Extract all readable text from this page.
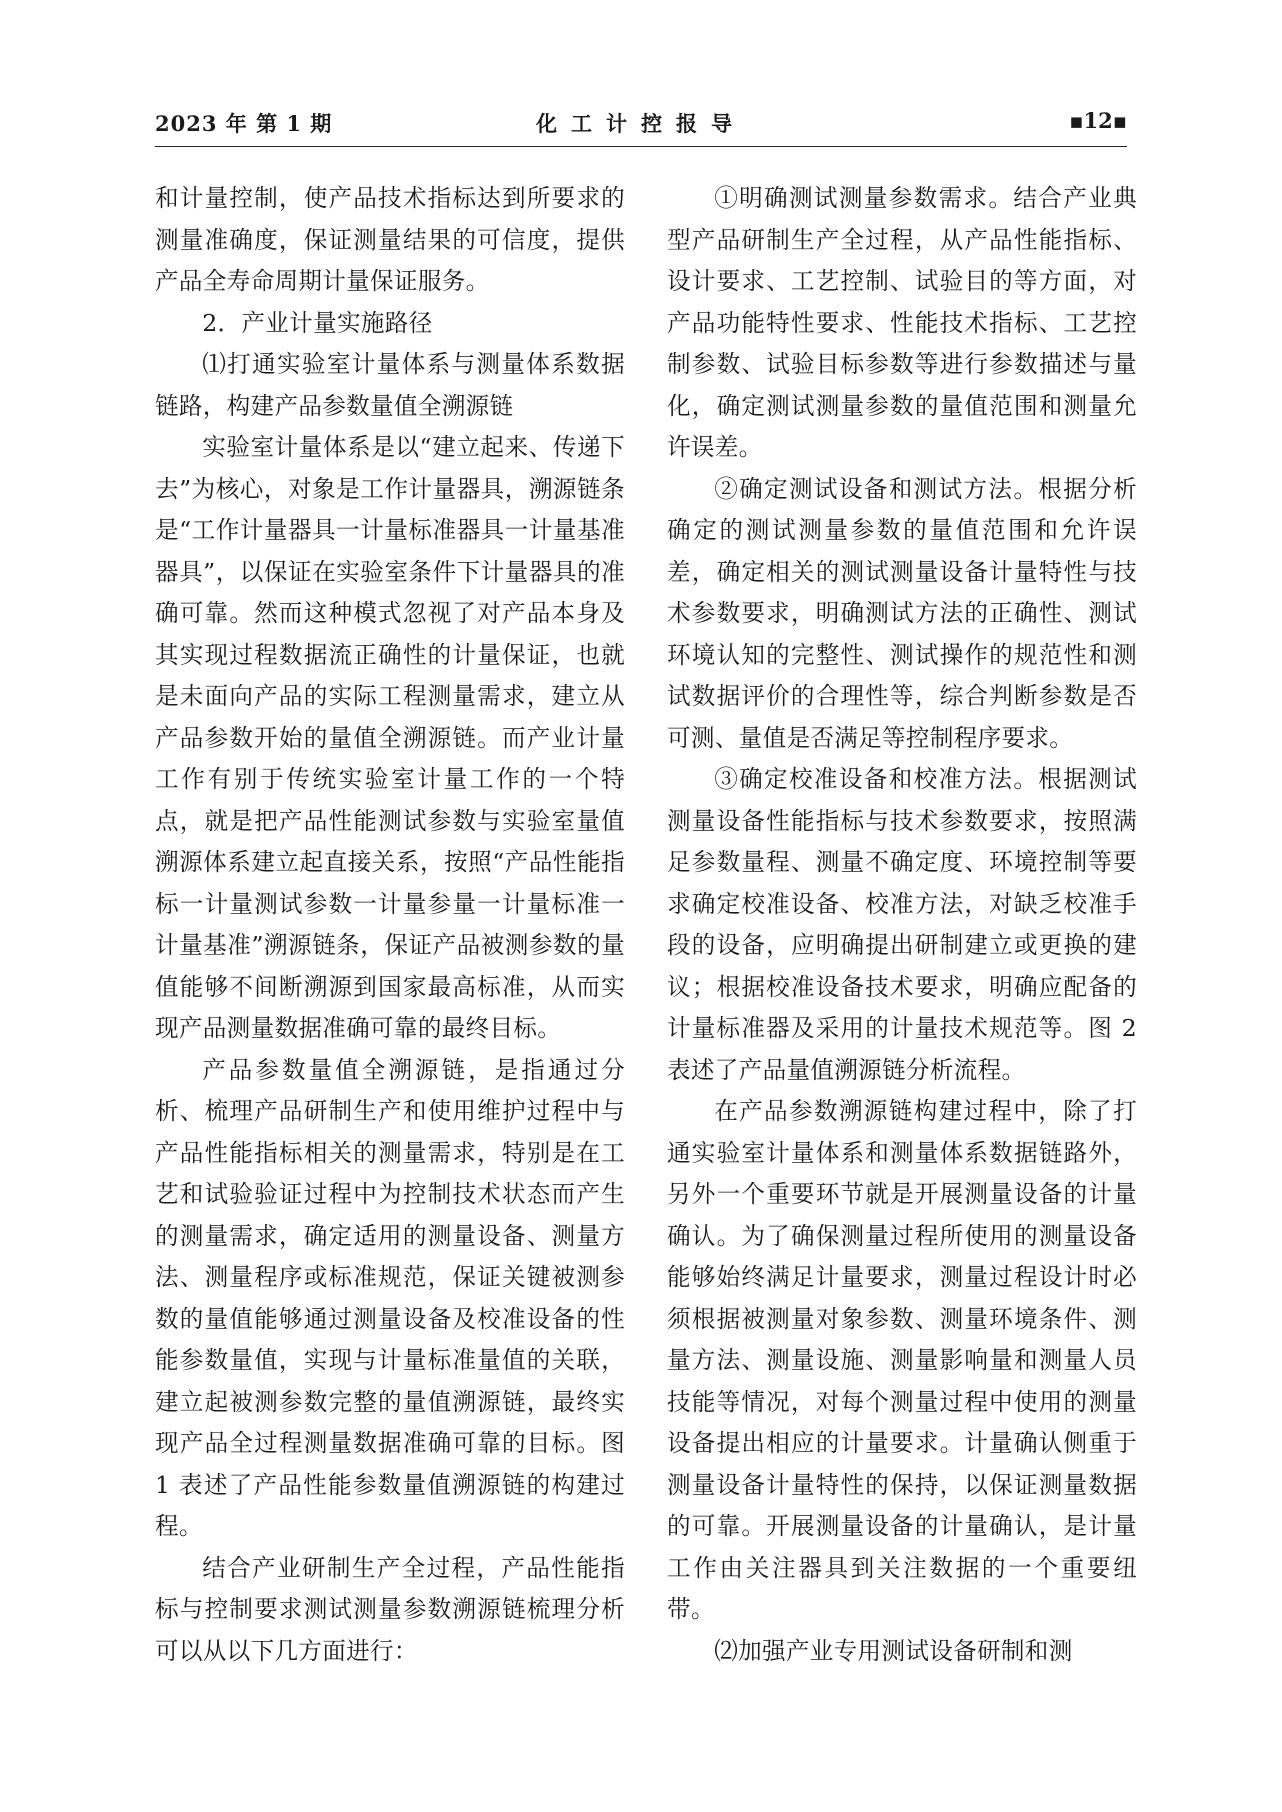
2023 年 第 1 期	化工计控报导	▪12▪

和计量控制，使产品技术指标达到所要求的测量准确度，保证测量结果的可信度，提供产品全寿命周期计量保证服务。

2．产业计量实施路径

⑴打通实验室计量体系与测量体系数据链路，构建产品参数量值全溯源链

实验室计量体系是以“建立起来、传递下去”为核心，对象是工作计量器具，溯源链条是“工作计量器具一计量标准器具一计量基准器具”，以保证在实验室条件下计量器具的准确可靠。然而这种模式忽视了对产品本身及其实现过程数据流正确性的计量保证，也就是未面向产品的实际工程测量需求，建立从产品参数开始的量值全溯源链。而产业计量工作有别于传统实验室计量工作的一个特点，就是把产品性能测试参数与实验室量值溯源体系建立起直接关系，按照“产品性能指标一计量测试参数一计量参量一计量标准一计量基准”溯源链条，保证产品被测参数的量值能够不间断溯源到国家最高标准，从而实现产品测量数据准确可靠的最终目标。

产品参数量值全溯源链，是指通过分析、梳理产品研制生产和使用维护过程中与产品性能指标相关的测量需求，特别是在工艺和试验验证过程中为控制技术状态而产生的测量需求，确定适用的测量设备、测量方法、测量程序或标准规范，保证关键被测参数的量值能够通过测量设备及校准设备的性能参数量值，实现与计量标准量值的关联，建立起被测参数完整的量值溯源链，最终实现产品全过程测量数据准确可靠的目标。图 1 表述了产品性能参数量值溯源链的构建过程。

结合产业研制生产全过程，产品性能指标与控制要求测试测量参数溯源链梳理分析可以从以下几方面进行：

①明确测试测量参数需求。结合产业典型产品研制生产全过程，从产品性能指标、设计要求、工艺控制、试验目的等方面，对产品功能特性要求、性能技术指标、工艺控制参数、试验目标参数等进行参数描述与量化，确定测试测量参数的量值范围和测量允许误差。

②确定测试设备和测试方法。根据分析确定的测试测量参数的量值范围和允许误差，确定相关的测试测量设备计量特性与技术参数要求，明确测试方法的正确性、测试环境认知的完整性、测试操作的规范性和测试数据评价的合理性等，综合判断参数是否可测、量值是否满足等控制程序要求。

③确定校准设备和校准方法。根据测试测量设备性能指标与技术参数要求，按照满足参数量程、测量不确定度、环境控制等要求确定校准设备、校准方法，对缺乏校准手段的设备，应明确提出研制建立或更换的建议；根据校准设备技术要求，明确应配备的计量标准器及采用的计量技术规范等。图 2 表述了产品量值溯源链分析流程。

在产品参数溯源链构建过程中，除了打通实验室计量体系和测量体系数据链路外，另外一个重要环节就是开展测量设备的计量确认。为了确保测量过程所使用的测量设备能够始终满足计量要求，测量过程设计时必须根据被测量对象参数、测量环境条件、测量方法、测量设施、测量影响量和测量人员技能等情况，对每个测量过程中使用的测量设备提出相应的计量要求。计量确认侧重于测量设备计量特性的保持，以保证测量数据的可靠。开展测量设备的计量确认，是计量工作由关注器具到关注数据的一个重要纽带。

⑵加强产业专用测试设备研制和测
